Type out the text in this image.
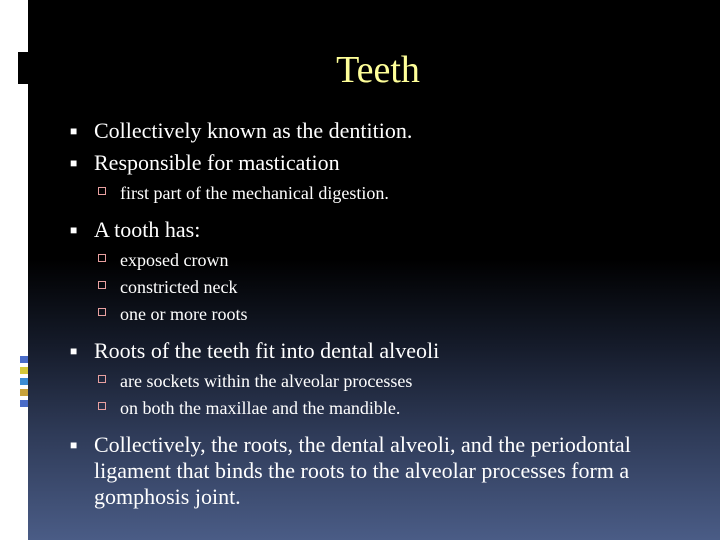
Teeth
■ Collectively known as the dentition.
■ Responsible for mastication
first part of the mechanical digestion.
■ A tooth has:
exposed crown
constricted neck
one or more roots
■ Roots of the teeth fit into dental alveoli
are sockets within the alveolar processes
on both the maxillae and the mandible.
■ Collectively, the roots, the dental alveoli, and the periodontal ligament that binds the roots to the alveolar processes form a gomphosis joint.
